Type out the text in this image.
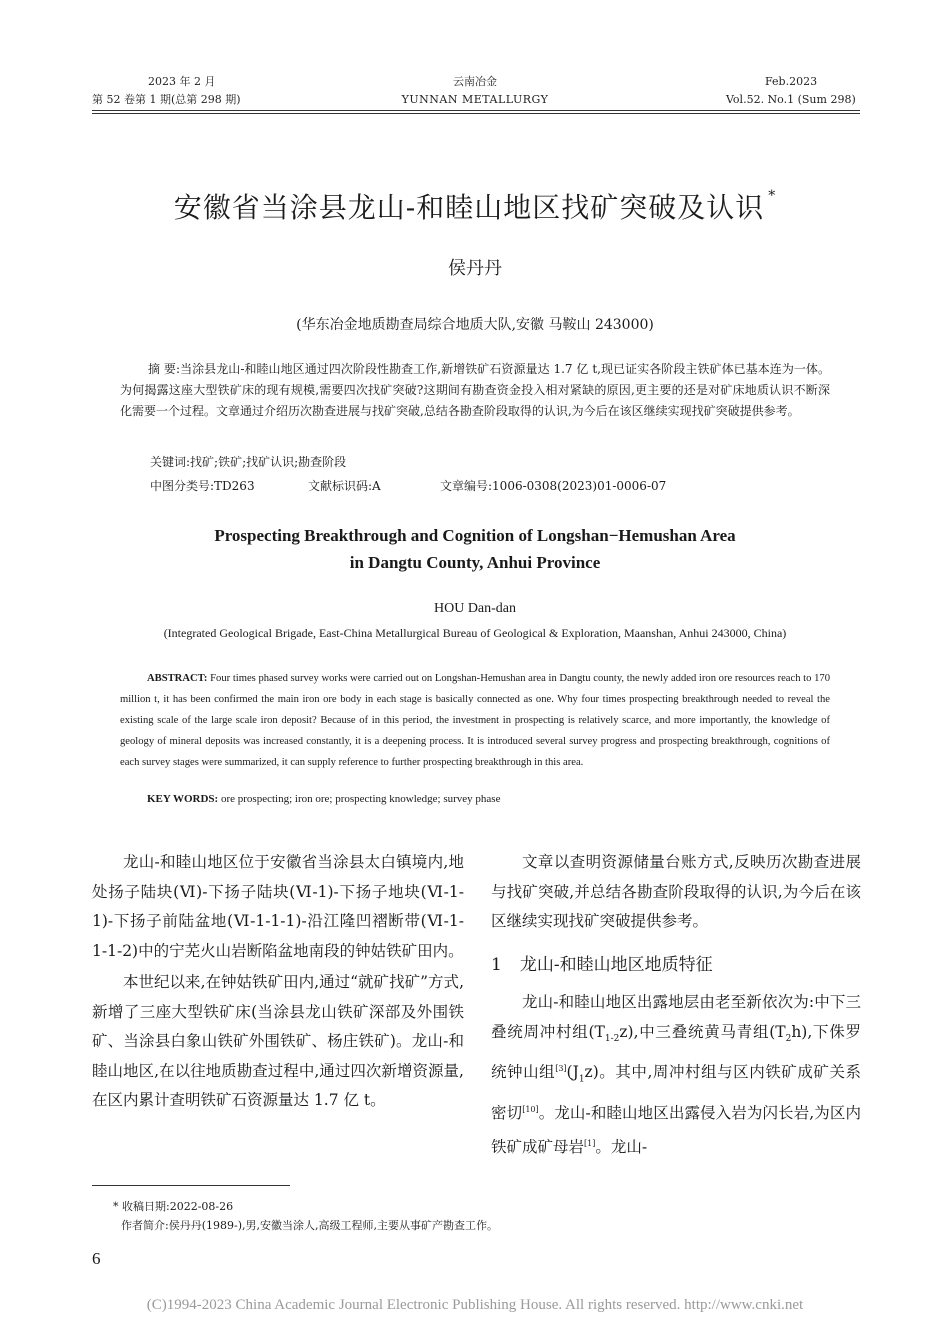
2023 年 2 月
第 52 卷第 1 期(总第 298 期)
云南冶金
YUNNAN METALLURGY
Feb.2023
Vol.52. No.1 (Sum 298)
安徽省当涂县龙山-和睦山地区找矿突破及认识 *
侯丹丹
(华东冶金地质勘查局综合地质大队,安徽 马鞍山 243000)
摘 要:当涂县龙山-和睦山地区通过四次阶段性勘查工作,新增铁矿石资源量达 1.7 亿 t,现已证实各阶段主铁矿体已基本连为一体。为何揭露这座大型铁矿床的现有规模,需要四次找矿突破?这期间有勘查资金投入相对紧缺的原因,更主要的还是对矿床地质认识不断深化需要一个过程。文章通过介绍历次勘查进展与找矿突破,总结各勘查阶段取得的认识,为今后在该区继续实现找矿突破提供参考。
关键词:找矿;铁矿;找矿认识;勘查阶段
中图分类号:TD263	文献标识码:A	文章编号:1006-0308(2023)01-0006-07
Prospecting Breakthrough and Cognition of Longshan−Hemushan Area
in Dangtu County, Anhui Province
HOU Dan-dan
(Integrated Geological Brigade, East-China Metallurgical Bureau of Geological & Exploration, Maanshan, Anhui 243000, China)
ABSTRACT: Four times phased survey works were carried out on Longshan-Hemushan area in Dangtu county, the newly added iron ore resources reach to 170 million t, it has been confirmed the main iron ore body in each stage is basically connected as one. Why four times prospecting breakthrough needed to reveal the existing scale of the large scale iron deposit? Because of in this period, the investment in prospecting is relatively scarce, and more importantly, the knowledge of geology of mineral deposits was increased constantly, it is a deepening process. It is introduced several survey progress and prospecting breakthrough, cognitions of each survey stages were summarized, it can supply reference to further prospecting breakthrough in this area.
KEY WORDS: ore prospecting; iron ore; prospecting knowledge; survey phase

龙山-和睦山地区位于安徽省当涂县太白镇境内,地处扬子陆块(Ⅵ)-下扬子陆块(Ⅵ-1)-下扬子地块(Ⅵ-1-1)-下扬子前陆盆地(Ⅵ-1-1-1)-沿江隆凹褶断带(Ⅵ-1-1-1-2)中的宁芜火山岩断陷盆地南段的钟姑铁矿田内。

本世纪以来,在钟姑铁矿田内,通过“就矿找矿”方式,新增了三座大型铁矿床(当涂县龙山铁矿深部及外围铁矿、当涂县白象山铁矿外围铁矿、杨庄铁矿)。龙山-和睦山地区,在以往地质勘查过程中,通过四次新增资源量,在区内累计查明铁矿石资源量达 1.7 亿 t。

文章以查明资源储量台账方式,反映历次勘查进展与找矿突破,并总结各勘查阶段取得的认识,为今后在该区继续实现找矿突破提供参考。

1 龙山-和睦山地区地质特征

龙山-和睦山地区出露地层由老至新依次为:中下三叠统周冲村组$(T_{1-2}z)$,中三叠统黄马青组$(T_2h)$,下侏罗统钟山组$[3](J_1z)$。其中,周冲村组与区内铁矿成矿关系密切[10]。龙山-和睦山地区出露侵入岩为闪长岩,为区内铁矿成矿母岩[1]。龙山-

* 收稿日期:2022-08-26
作者简介:侯丹丹(1989-),男,安徽当涂人,高级工程师,主要从事矿产勘查工作。
6
(C)1994-2023 China Academic Journal Electronic Publishing House. All rights reserved. http://www.cnki.net
